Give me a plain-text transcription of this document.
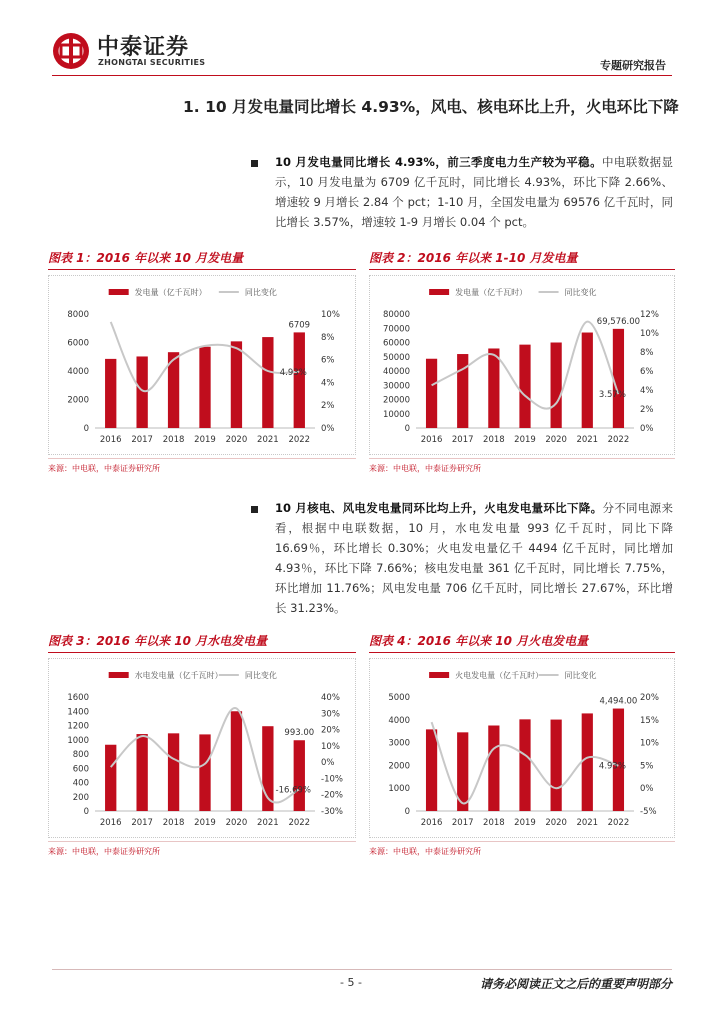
中泰证券
ZHONGTAI SECURITIES	专题研究报告
1. 10 月发电量同比增长 4.93%，风电、核电环比上升，火电环比下降
10 月发电量同比增长 4.93%，前三季度电力生产较为平稳。中电联数据显示，10 月发电量为 6709 亿千瓦时，同比增长 4.93%，环比下降 2.66%、增速较 9 月增长 2.84 个 pct；1-10 月，全国发电量为 69576 亿千瓦时，同比增长 3.57%，增速较 1-9 月增长 0.04 个 pct。
图表 1：2016 年以来 10 月发电量
发电量（亿千瓦时）	同比变化
0
2000
4000
6000
8000
0%
2%
4%
6%
8%
10%
2016 2017 2018 2019 2020 2021 2022
6709
4.93%
来源：中电联，中泰证券研究所
图表 2：2016 年以来 1-10 月发电量
发电量（亿千瓦时）	同比变化
0
10000
20000
30000
40000
50000
60000
70000
80000
0%
2%
4%
6%
8%
10%
12%
2016 2017 2018 2019 2020 2021 2022
69,576.00
3.57%
来源：中电联，中泰证券研究所
10 月核电、风电发电量同环比均上升，火电发电量环比下降。分不同电源来看，根据中电联数据，10 月，水电发电量 993 亿千瓦时，同比下降 16.69％，环比增长 0.30%；火电发电量亿千 4494 亿千瓦时，同比增加 4.93％，环比下降 7.66%；核电发电量 361 亿千瓦时，同比增长 7.75%，环比增加 11.76%；风电发电量 706 亿千瓦时，同比增长 27.67%，环比增长 31.23%。
图表 3：2016 年以来 10 月水电发电量
水电发电量（亿千瓦时）	同比变化
0
200
400
600
800
1000
1200
1400
1600
-30%
-20%
-10%
0%
10%
20%
30%
40%
2016 2017 2018 2019 2020 2021 2022
993.00
-16.69%
来源：中电联，中泰证券研究所
图表 4：2016 年以来 10 月火电发电量
火电发电量（亿千瓦时）	同比变化
0
1000
2000
3000
4000
5000
-5%
0%
5%
10%
15%
20%
2016 2017 2018 2019 2020 2021 2022
4,494.00
4.93%
来源：中电联，中泰证券研究所
- 5 -	请务必阅读正文之后的重要声明部分
